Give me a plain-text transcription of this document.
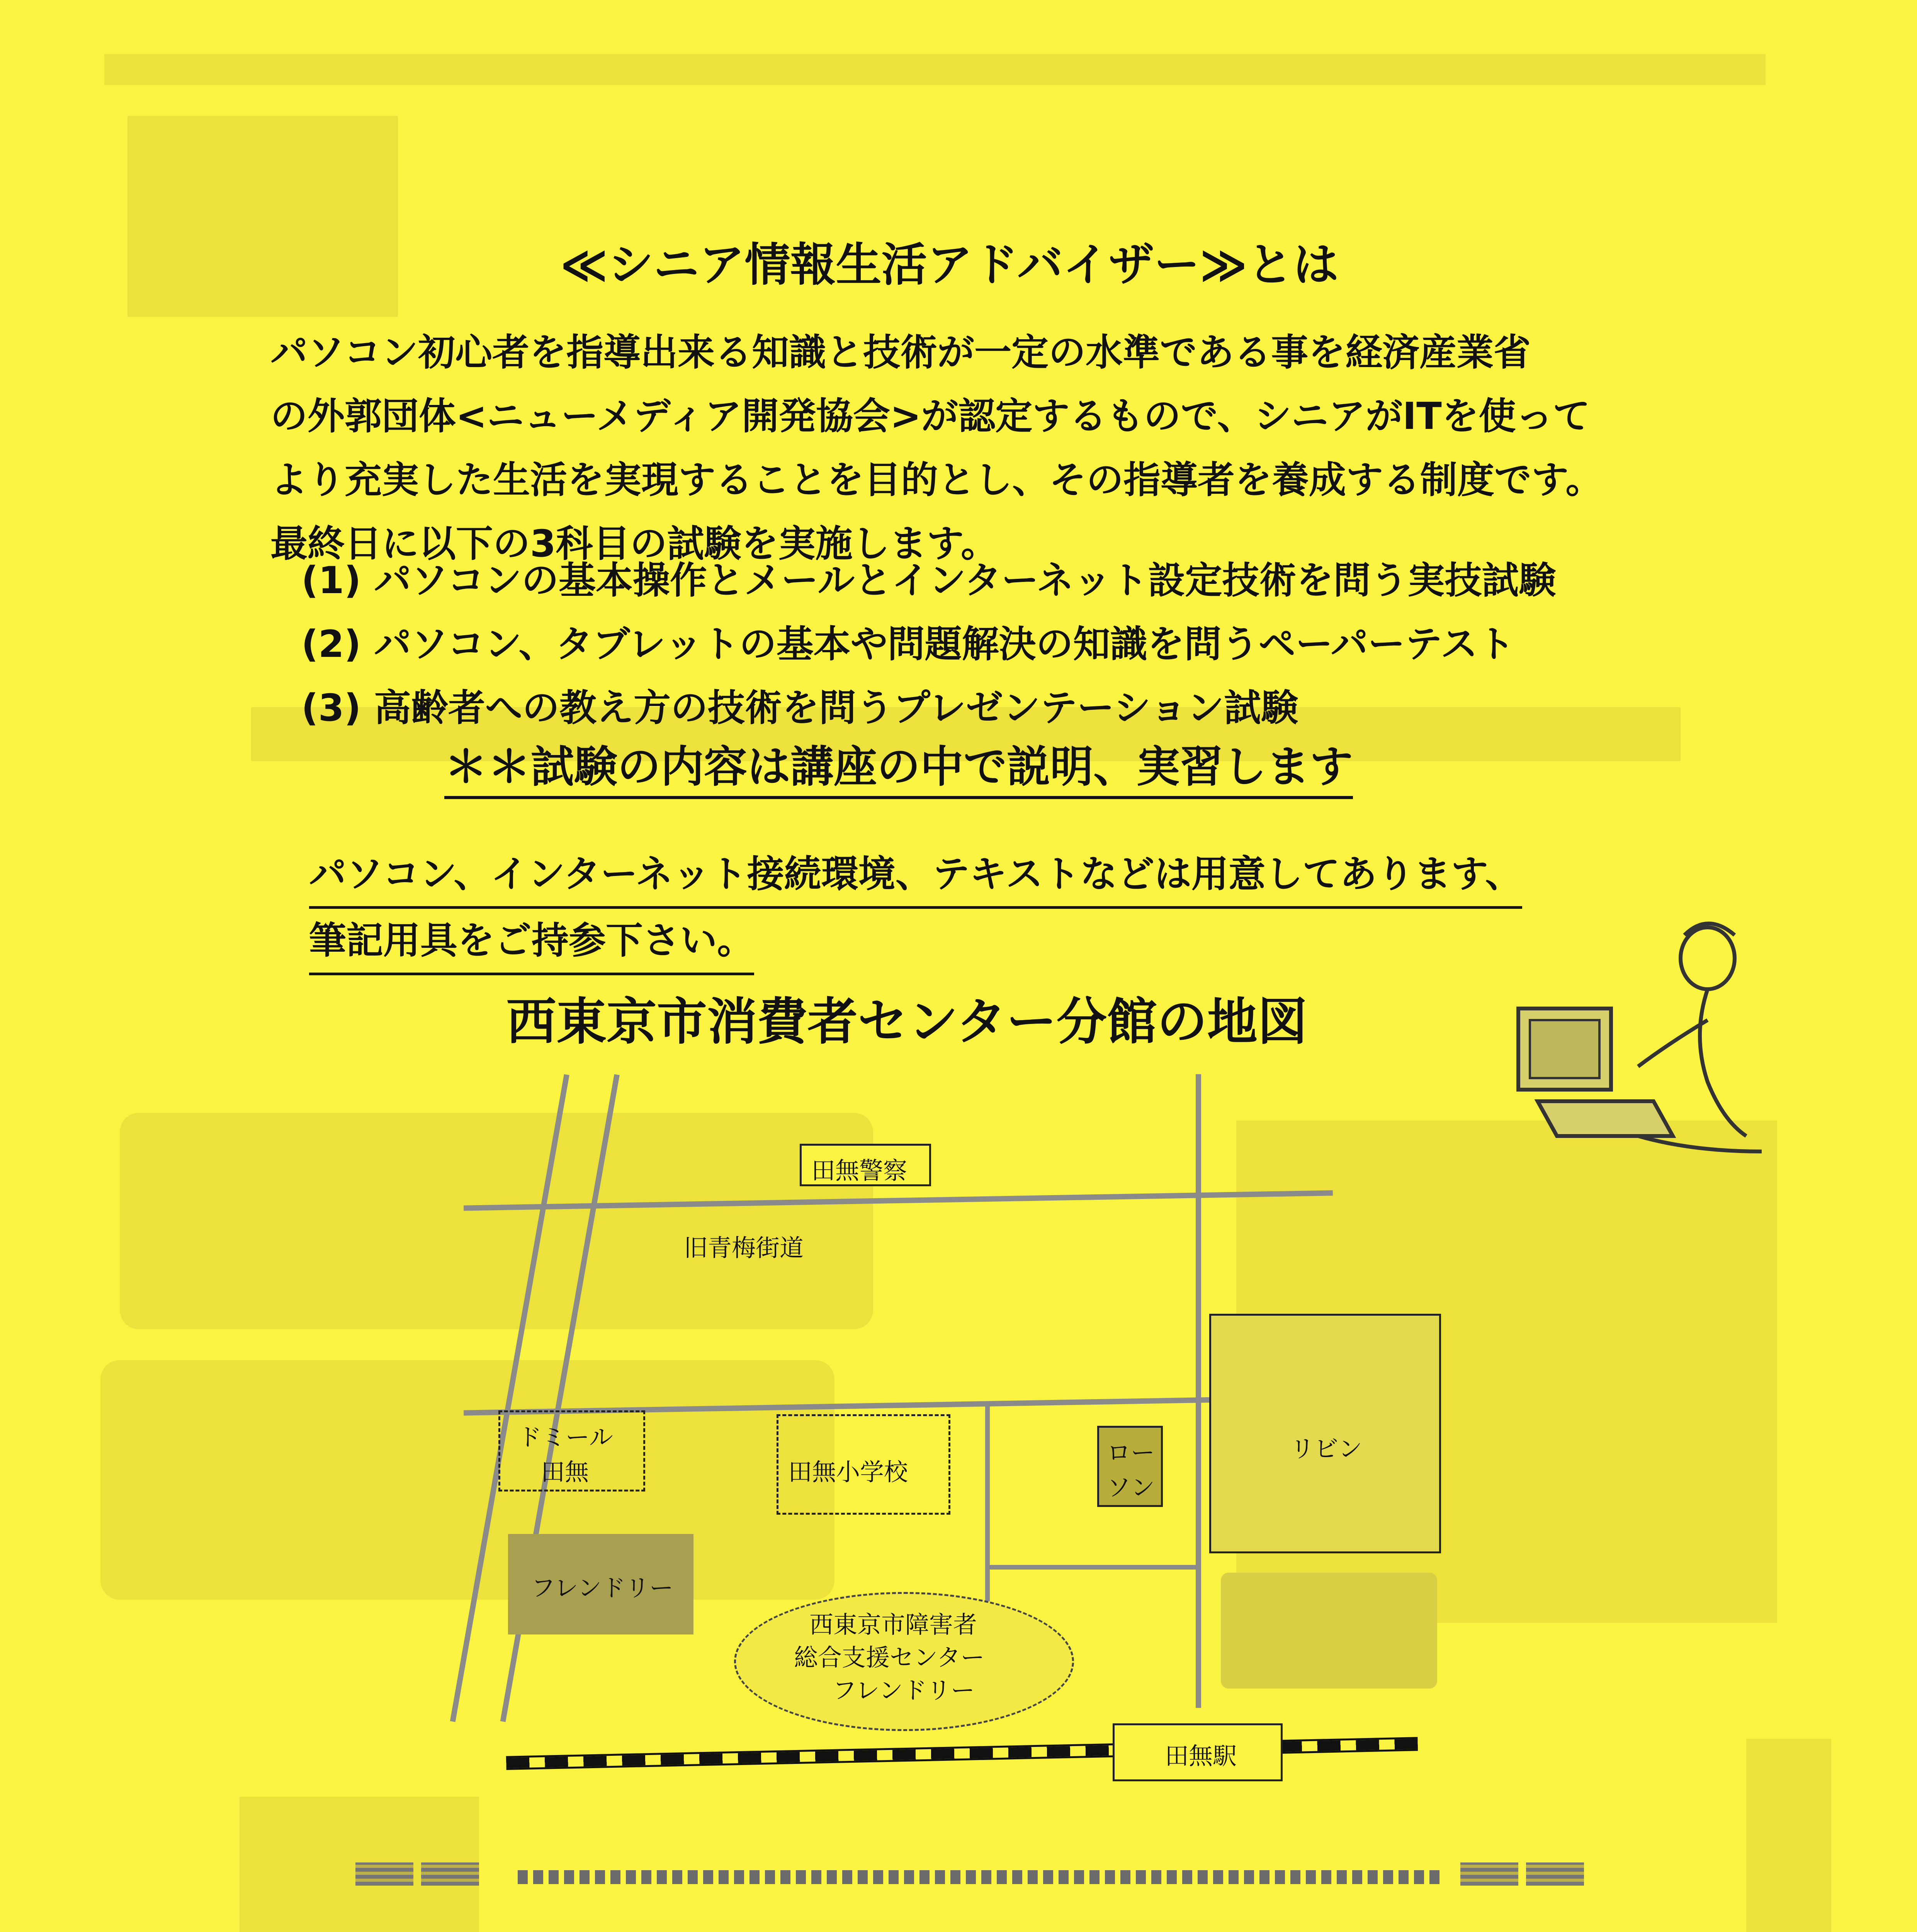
≪シニア情報生活アドバイザー≫とは
パソコン初心者を指導出来る知識と技術が一定の水準である事を経済産業省
の外郭団体<ニューメディア開発協会>が認定するもので、シニアがITを使って
より充実した生活を実現することを目的とし、その指導者を養成する制度です。
最終日に以下の3科目の試験を実施します。
(1) パソコンの基本操作とメールとインターネット設定技術を問う実技試験
(2) パソコン、タブレットの基本や問題解決の知識を問うペーパーテスト
(3) 高齢者への教え方の技術を問うプレゼンテーション試験
＊＊試験の内容は講座の中で説明、実習します
パソコン、インターネット接続環境、テキストなどは用意してあります、
筆記用具をご持参下さい。
西東京市消費者センター分館の地図
田無警察
旧青梅街道
ドミール
田無	田無小学校
ロー
ソン
リビン
フレンドリー
西東京市障害者
総合支援センター
フレンドリー
田無駅
